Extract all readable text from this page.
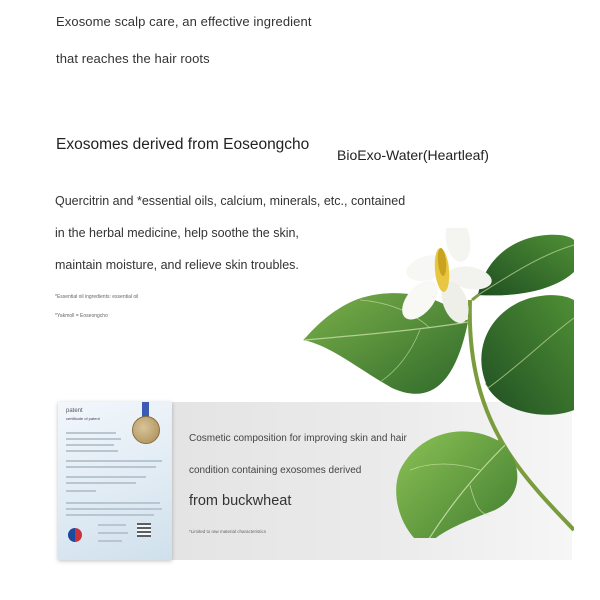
Exosome scalp care, an effective ingredient
that reaches the hair roots
Exosomes derived from Eoseongcho
BioExo-Water(Heartleaf)
Quercitrin and *essential oils, calcium, minerals, etc., contained
in the herbal medicine, help soothe the skin,
maintain moisture, and relieve skin troubles.
*Essential oil ingredients: essential oil
*Yakmoll = Eoseongcho
Cosmetic composition for improving skin and hair
condition containing exosomes derived
from buckwheat
*Limited to raw material characteristics
patent
certificate of patent
